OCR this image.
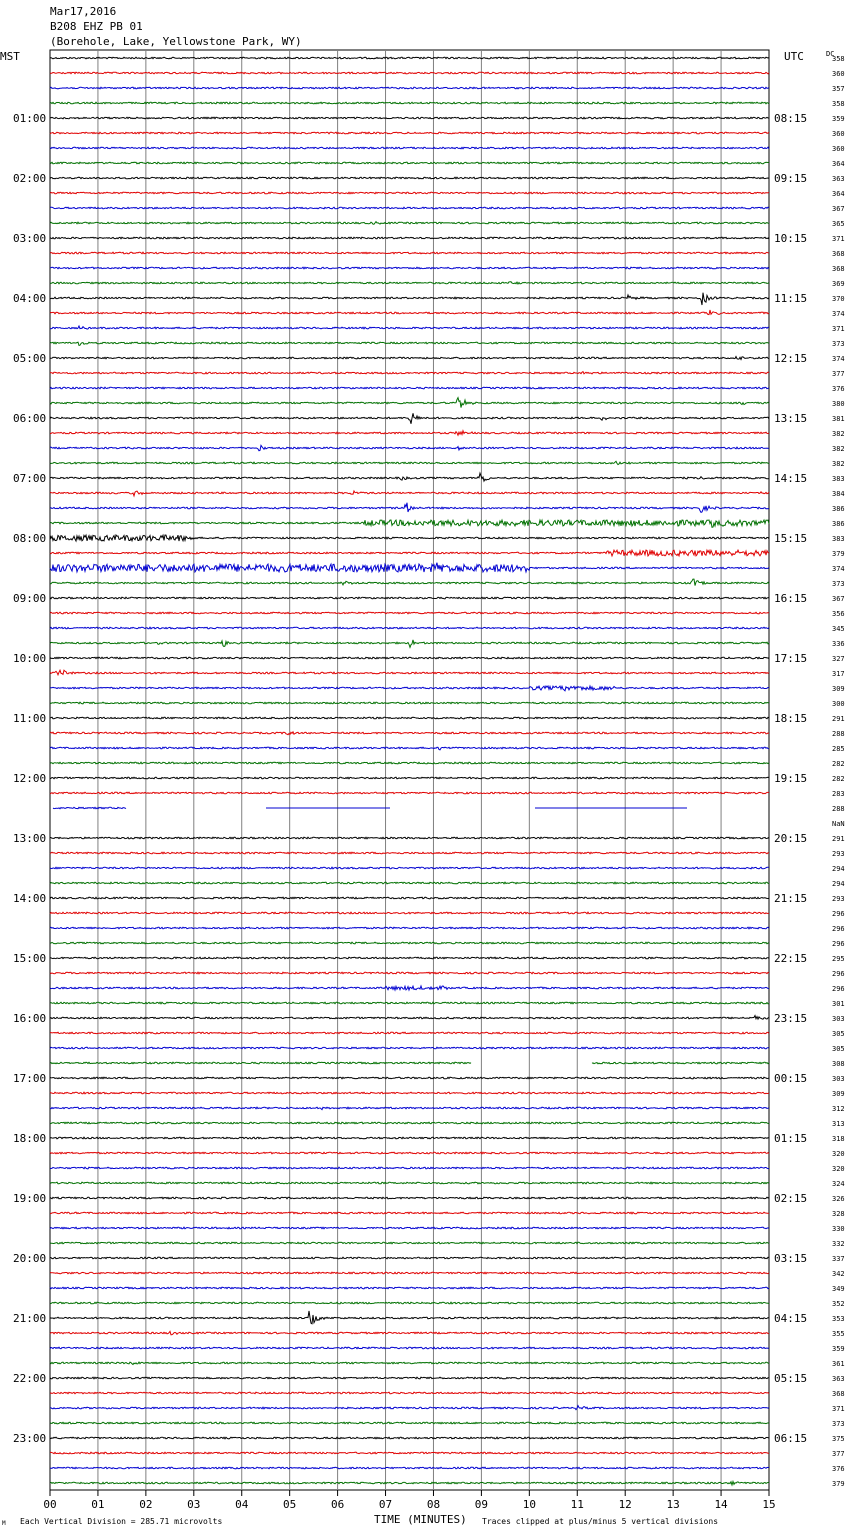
Mar17,2016
B208 EHZ PB 01
(Borehole, Lake, Yellowstone Park, WY)
MST	UTC	DC
TIME (MINUTES)
Each Vertical Division = 285.71 microvolts	Traces clipped at plus/minus 5 vertical divisions
M
00	01	02	03	04	05	06	07	08	09	10	11	12	13	14	15
358
360
357
358
359
01:00	08:15
360
360
364
363
02:00	09:15
364
367
365
371
03:00	10:15
368
368
369
370
04:00	11:15
374
371
373
374
05:00	12:15
377
376
380
381
06:00	13:15
382
382
382
383
07:00	14:15
384
386
386
383
08:00	15:15
379
374
373
367
09:00	16:15
356
345
336
327
10:00	17:15
317
309
300
291
11:00	18:15
288
285
282
282
12:00	19:15
283
288
NaN
291
13:00	20:15
293
294
294
293
14:00	21:15
296
296
296
295
15:00	22:15
296
296
301
303
16:00	23:15
305
305
308
303
17:00	00:15
309
312
313
318
18:00	01:15
320
320
324
326
19:00	02:15
328
330
332
337
20:00	03:15
342
349
352
353
21:00	04:15
355
359
361
363
22:00	05:15
368
371
373
375
23:00	06:15
377
376
379
